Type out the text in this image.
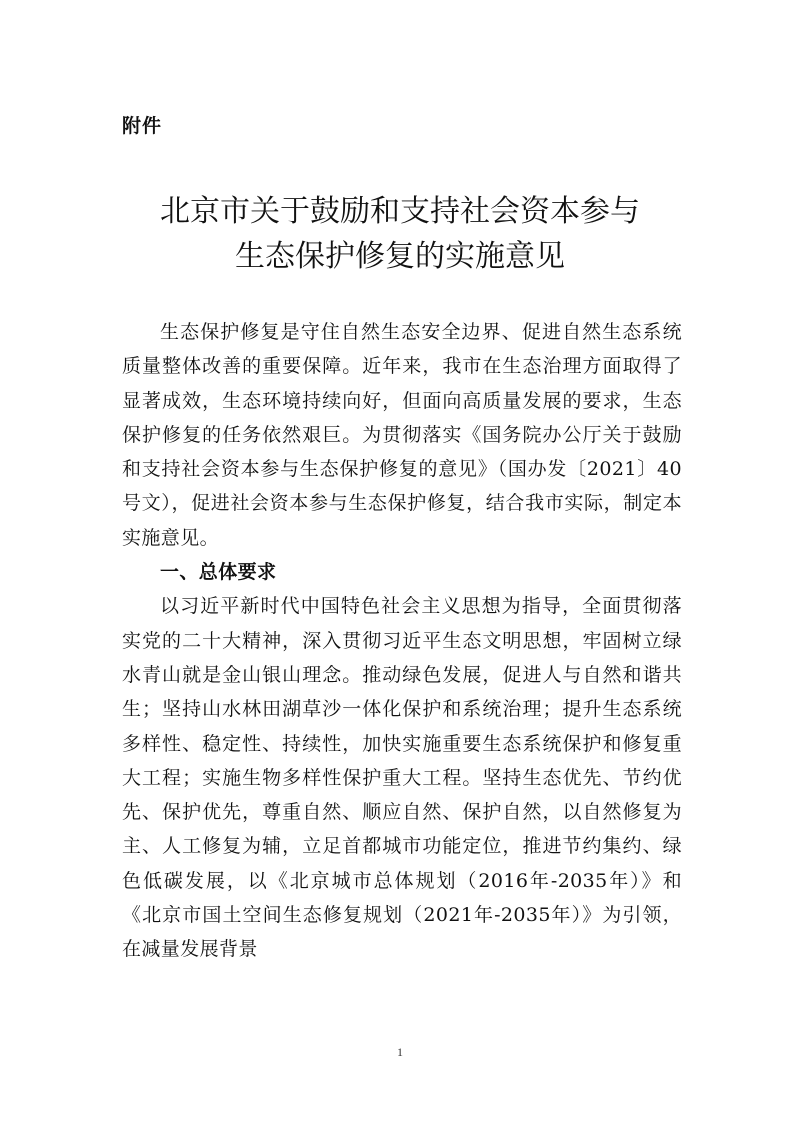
附件
北京市关于鼓励和支持社会资本参与
生态保护修复的实施意见

生态保护修复是守住自然生态安全边界、促进自然生态系统质量整体改善的重要保障。近年来，我市在生态治理方面取得了显著成效，生态环境持续向好，但面向高质量发展的要求，生态保护修复的任务依然艰巨。为贯彻落实《国务院办公厅关于鼓励和支持社会资本参与生态保护修复的意见》（国办发〔2021〕40号文），促进社会资本参与生态保护修复，结合我市实际，制定本实施意见。

一、总体要求

以习近平新时代中国特色社会主义思想为指导，全面贯彻落实党的二十大精神，深入贯彻习近平生态文明思想，牢固树立绿水青山就是金山银山理念。推动绿色发展，促进人与自然和谐共生；坚持山水林田湖草沙一体化保护和系统治理；提升生态系统多样性、稳定性、持续性，加快实施重要生态系统保护和修复重大工程；实施生物多样性保护重大工程。坚持生态优先、节约优先、保护优先，尊重自然、顺应自然、保护自然，以自然修复为主、人工修复为辅，立足首都城市功能定位，推进节约集约、绿色低碳发展，以《北京城市总体规划（2016年-2035年）》和《北京市国土空间生态修复规划（2021年-2035年）》为引领，在减量发展背景

1
